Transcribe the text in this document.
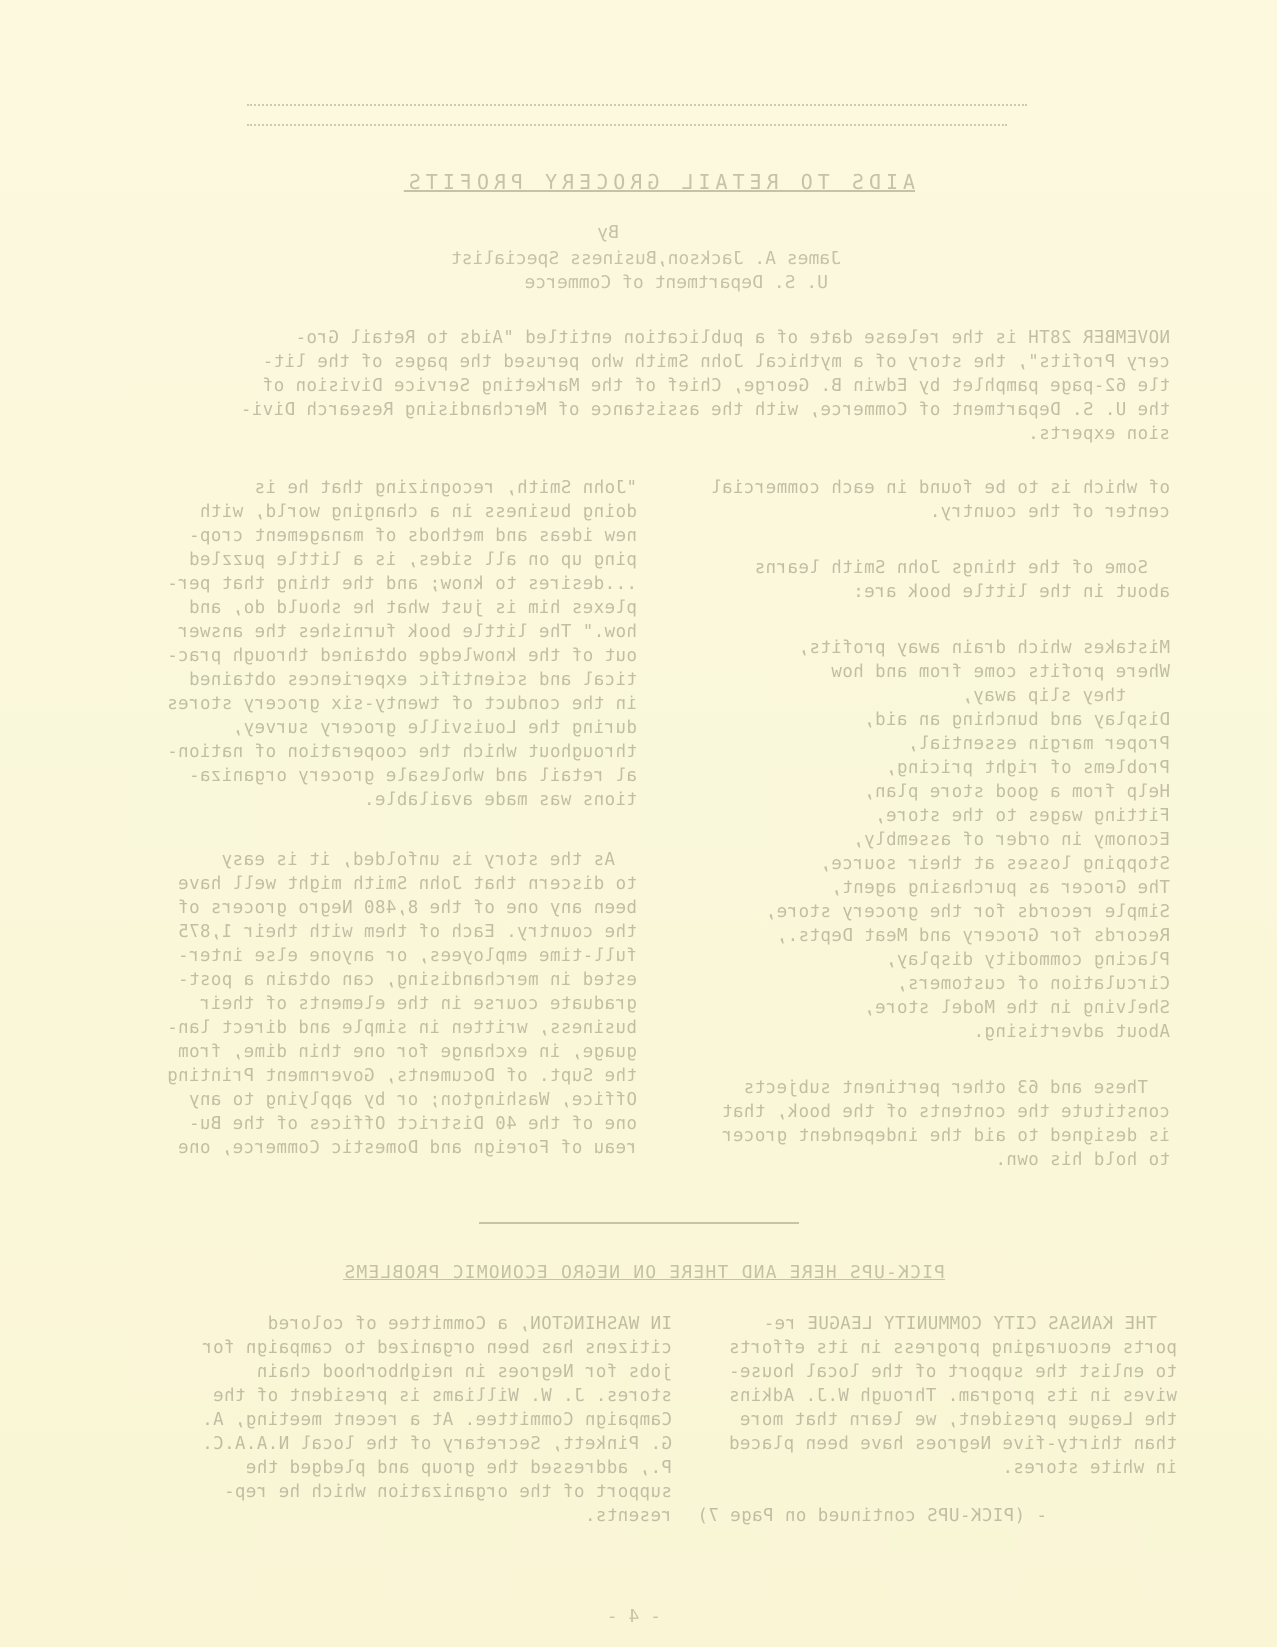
AIDS TO RETAIL GROCERY PROFITS
By
James A. Jackson,Business Specialist
U. S. Department of Commerce
NOVEMBER 28TH is the release date of a publication entitled "Aids to Retail Gro-
cery Profits", the story of a mythical John Smith who perused the pages of the lit-
tle 62-page pamphlet by Edwin B. George, Chief of the Marketing Service Division of
the U. S. Department of Commerce, with the assistance of Merchandising Research Divi-
sion experts.
"John Smith, recognizing that he is
doing business in a changing world, with
new ideas and methods of management crop-
ping up on all sides, is a little puzzled
...desires to know; and the thing that per-
plexes him is just what he should do, and
how." The little book furnishes the answer
out of the knowledge obtained through prac-
tical and scientific experiences obtained
in the conduct of twenty-six grocery stores
during the Louisville grocery survey,
throughout which the cooperation of nation-
al retail and wholesale grocery organiza-
tions was made available.
As the story is unfolded, it is easy
to discern that John Smith might well have
been any one of the 8,480 Negro grocers of
the country. Each of them with their 1,875
full-time employees, or anyone else inter-
ested in merchandising, can obtain a post-
graduate course in the elements of their
business, written in simple and direct lan-
guage, in exchange for one thin dime, from
the Supt. of Documents, Government Printing
Office, Washington; or by applying to any
one of the 40 District Offices of the Bu-
reau of Foreign and Domestic Commerce, one
of which is to be found in each commercial
center of the country.
Some of the things John Smith learns
about in the little book are:
Mistakes which drain away profits,
Where profits come from and how
they slip away,
Display and bunching an aid,
Proper margin essential,
Problems of right pricing,
Help from a good store plan,
Fitting wages to the store,
Economy in order of assembly,
Stopping losses at their source,
The Grocer as purchasing agent,
Simple records for the grocery store,
Records for Grocery and Meat Depts.,
Placing commodity display,
Circulation of customers,
Shelving in the Model store,
About advertising.
These and 63 other pertinent subjects
constitute the contents of the book, that
is designed to aid the independent grocer
to hold his own.
PICK-UPS HERE AND THERE ON NEGRO ECONOMIC PROBLEMS
IN WASHINGTON, a Committee of colored
citizens has been organized to campaign for
jobs for Negroes in neighborhood chain
stores. J. W. Williams is president of the
Campaign Committee. At a recent meeting, A.
G. Pinkett, Secretary of the local N.A.A.C.
P., addressed the group and pledged the
support of the organization which he rep-
resents.
THE KANSAS CITY COMMUNITY LEAGUE re-
ports encouraging progress in its efforts
to enlist the support of the local house-
wives in its program. Through W.J. Adkins
the League president, we learn that more
than thirty-five Negroes have been placed
in white stores.
- (PICK-UPS continued on Page 7)
- 4 -
